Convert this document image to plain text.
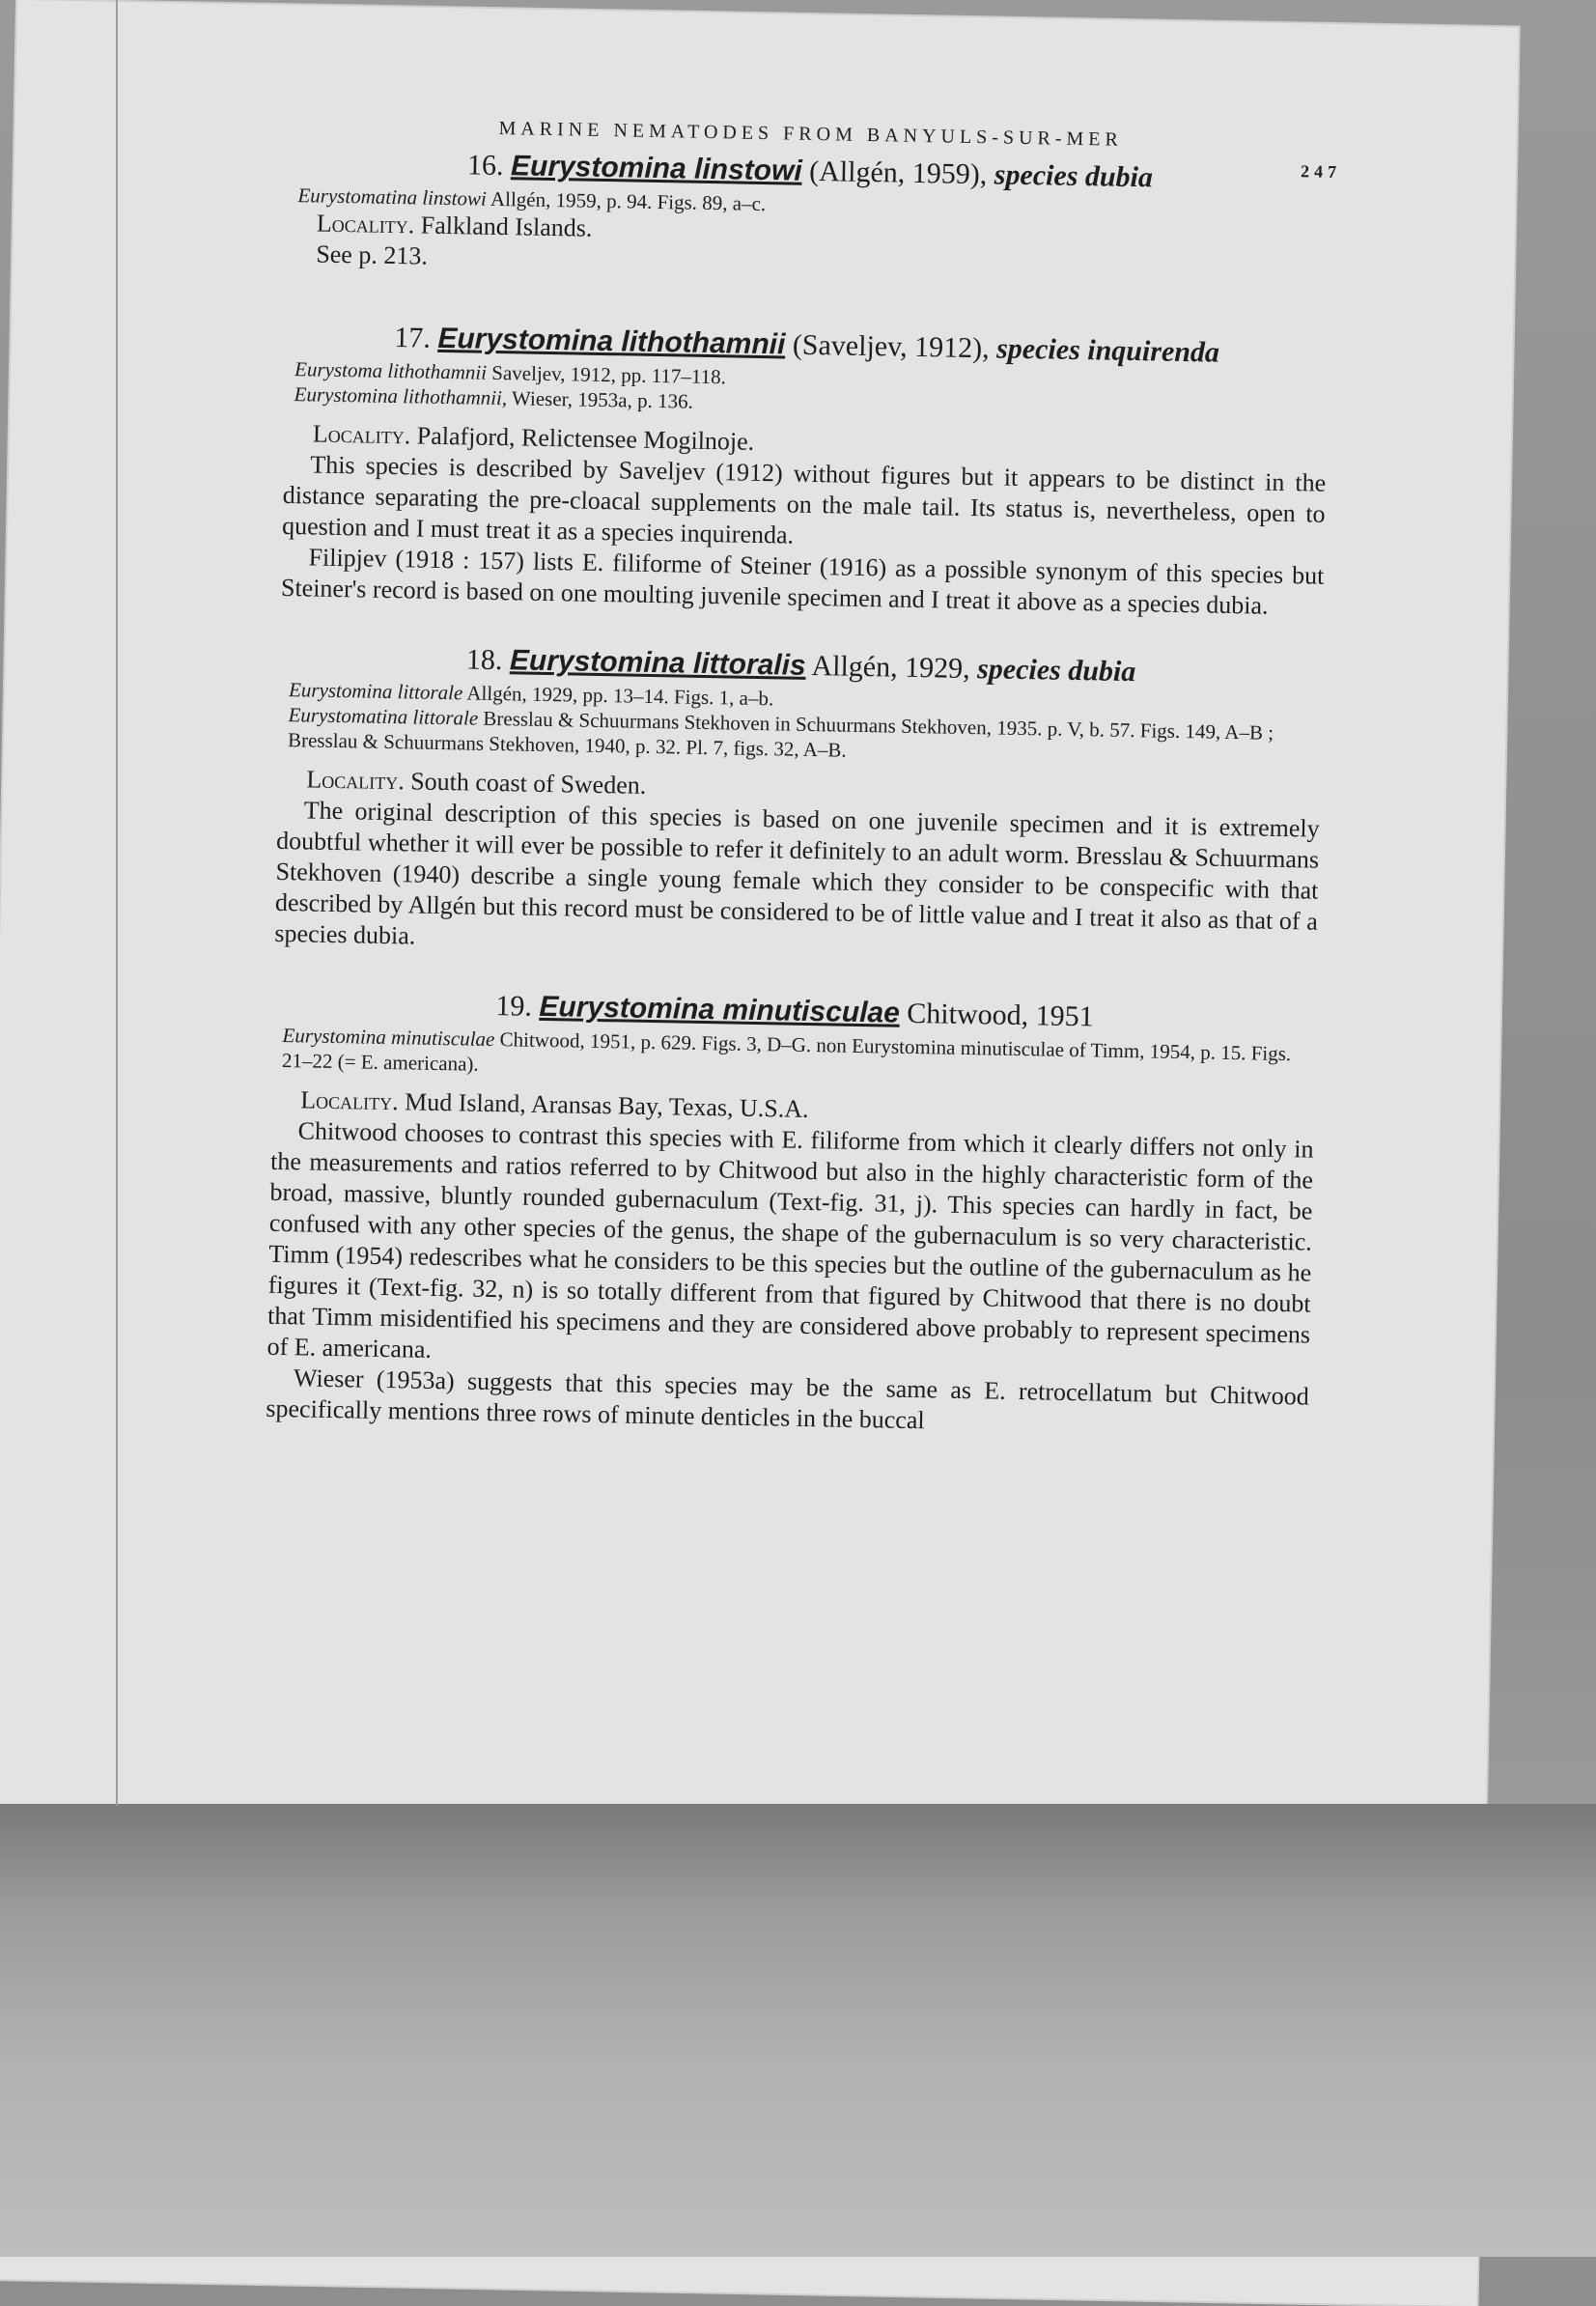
MARINE NEMATODES FROM BANYULS-SUR-MER
247
16. Eurystomina linstowi (Allgén, 1959), species dubia

Eurystomatina linstowi Allgén, 1959, p. 94. Figs. 89, a–c.

Locality. Falkland Islands.

See p. 213.

17. Eurystomina lithothamnii (Saveljev, 1912), species inquirenda

Eurystoma lithothamnii Saveljev, 1912, pp. 117–118.

Eurystomina lithothamnii, Wieser, 1953a, p. 136.

Locality. Palafjord, Relictensee Mogilnoje.

This species is described by Saveljev (1912) without figures but it appears to be distinct in the distance separating the pre-cloacal supplements on the male tail. Its status is, nevertheless, open to question and I must treat it as a species inquirenda.

Filipjev (1918 : 157) lists E. filiforme of Steiner (1916) as a possible synonym of this species but Steiner's record is based on one moulting juvenile specimen and I treat it above as a species dubia.

18. Eurystomina littoralis Allgén, 1929, species dubia

Eurystomina littorale Allgén, 1929, pp. 13–14. Figs. 1, a–b.

Eurystomatina littorale Bresslau & Schuurmans Stekhoven in Schuurmans Stekhoven, 1935. p. V, b. 57. Figs. 149, A–B ; Bresslau & Schuurmans Stekhoven, 1940, p. 32. Pl. 7, figs. 32, A–B.

Locality. South coast of Sweden.

The original description of this species is based on one juvenile specimen and it is extremely doubtful whether it will ever be possible to refer it definitely to an adult worm. Bresslau & Schuurmans Stekhoven (1940) describe a single young female which they consider to be conspecific with that described by Allgén but this record must be considered to be of little value and I treat it also as that of a species dubia.

19. Eurystomina minutisculae Chitwood, 1951

Eurystomina minutisculae Chitwood, 1951, p. 629. Figs. 3, D–G. non Eurystomina minutisculae of Timm, 1954, p. 15. Figs. 21–22 (= E. americana).

Locality. Mud Island, Aransas Bay, Texas, U.S.A.

Chitwood chooses to contrast this species with E. filiforme from which it clearly differs not only in the measurements and ratios referred to by Chitwood but also in the highly characteristic form of the broad, massive, bluntly rounded gubernaculum (Text-fig. 31, j). This species can hardly in fact, be confused with any other species of the genus, the shape of the gubernaculum is so very characteristic. Timm (1954) redescribes what he considers to be this species but the outline of the gubernaculum as he figures it (Text-fig. 32, n) is so totally different from that figured by Chitwood that there is no doubt that Timm misidentified his specimens and they are considered above probably to represent specimens of E. americana.

Wieser (1953a) suggests that this species may be the same as E. retrocellatum but Chitwood specifically mentions three rows of minute denticles in the buccal
